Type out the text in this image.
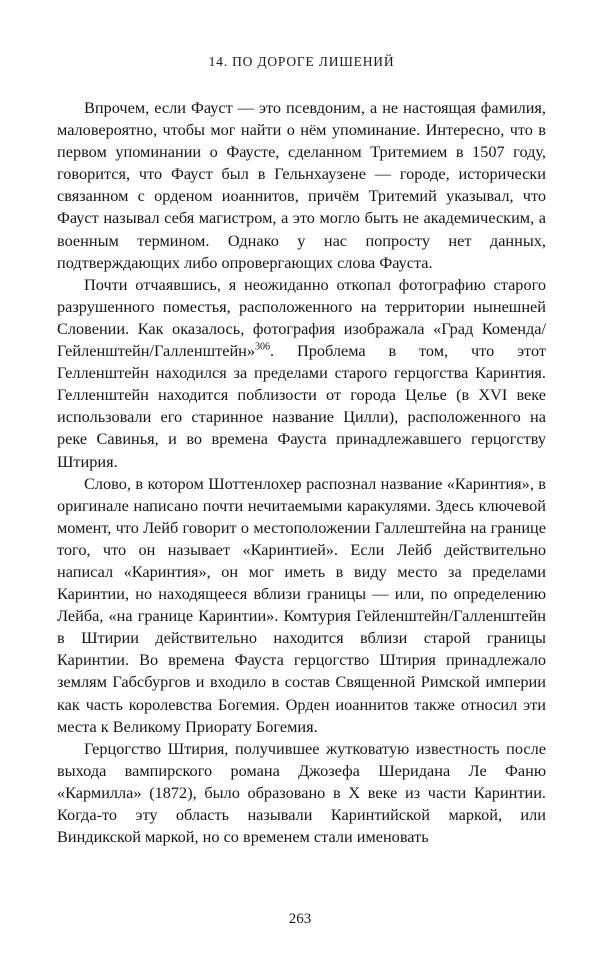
14. ПО ДОРОГЕ ЛИШЕНИЙ

Впрочем, если Фауст — это псевдоним, а не настоящая фамилия, маловероятно, чтобы мог найти о нём упоминание. Интересно, что в первом упоминании о Фаусте, сделанном Тритемием в 1507 году, говорится, что Фауст был в Гельнхаузене — городе, исторически связанном с орденом иоаннитов, причём Тритемий указывал, что Фауст называл себя магистром, а это могло быть не академическим, а военным термином. Однако у нас попросту нет данных, подтверждающих либо опровергающих слова Фауста.

Почти отчаявшись, я неожиданно откопал фотографию старого разрушенного поместья, расположенного на территории нынешней Словении. Как оказалось, фотография изображала «Град Коменда/Гейленштейн/Галленштейн»$^{306}$. Проблема в том, что этот Гелленштейн находился за пределами старого герцогства Каринтия. Гелленштейн находится поблизости от города Целье (в XVI веке использовали его старинное название Цилли), расположенного на реке Савинья, и во времена Фауста принадлежавшего герцогству Штирия.

Слово, в котором Шоттенлохер распознал название «Каринтия», в оригинале написано почти нечитаемыми каракулями. Здесь ключевой момент, что Лейб говорит о местоположении Галлештейна на границе того, что он называет «Каринтией». Если Лейб действительно написал «Каринтия», он мог иметь в виду место за пределами Каринтии, но находящееся вблизи границы — или, по определению Лейба, «на границе Каринтии». Комтурия Гейленштейн/Галленштейн в Штирии действительно находится вблизи старой границы Каринтии. Во времена Фауста герцогство Штирия принадлежало землям Габсбургов и входило в состав Священной Римской империи как часть королевства Богемия. Орден иоаннитов также относил эти места к Великому Приорату Богемия.

Герцогство Штирия, получившее жутковатую известность после выхода вампирского романа Джозефа Шеридана Ле Фаню «Кармилла» (1872), было образовано в X веке из части Каринтии. Когда-то эту область называли Каринтийской маркой, или Виндикской маркой, но со временем стали именовать

263
